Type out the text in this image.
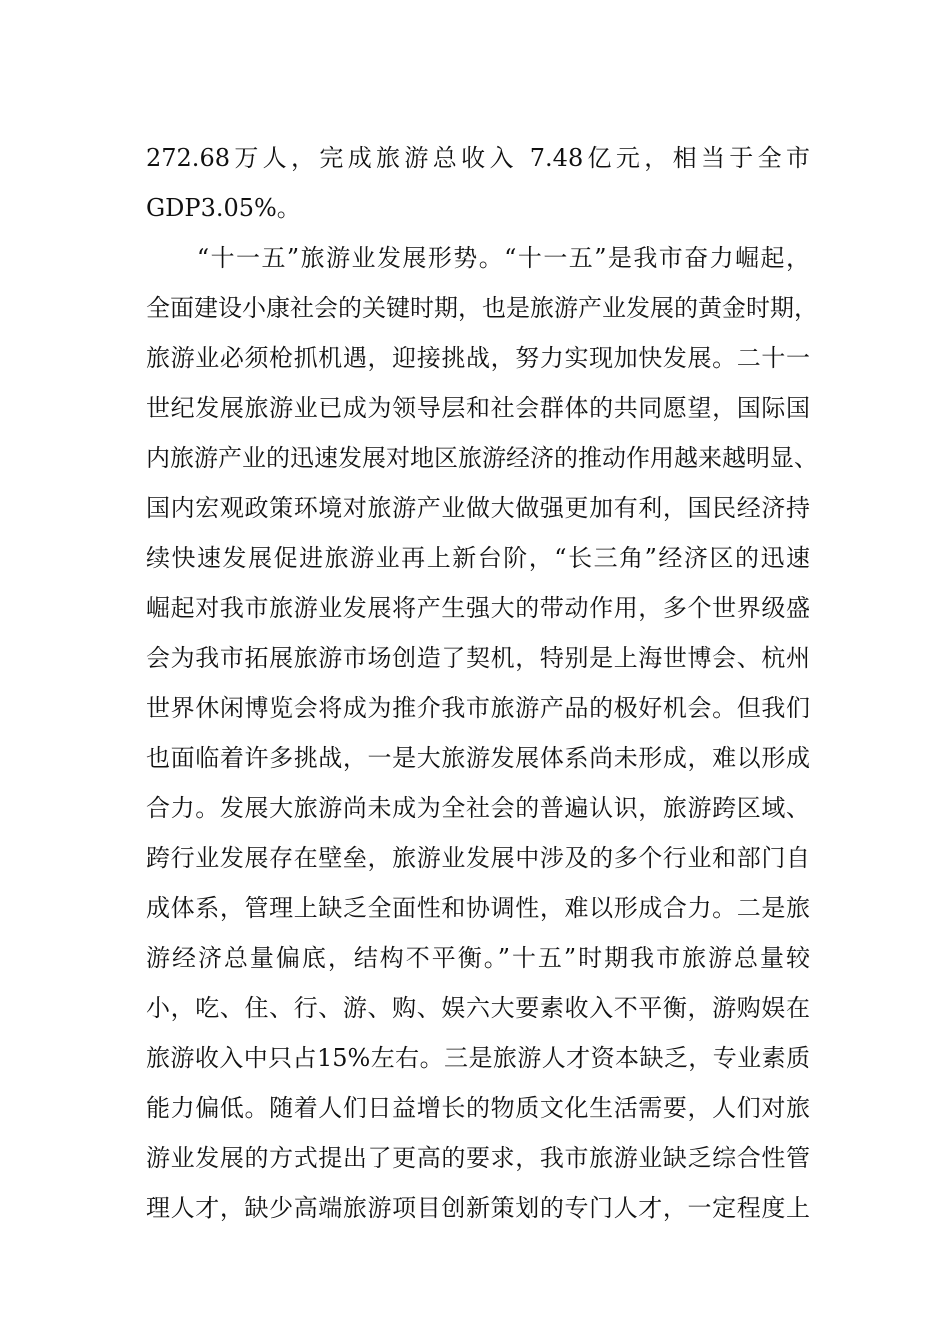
272.68万人，完成旅游总收入 7.48亿元，相当于全市
GDP3.05%。
　　“十一五”旅游业发展形势。“十一五”是我市奋力崛起，
全面建设小康社会的关键时期，也是旅游产业发展的黄金时期，
旅游业必须枪抓机遇，迎接挑战，努力实现加快发展。二十一
世纪发展旅游业已成为领导层和社会群体的共同愿望，国际国
内旅游产业的迅速发展对地区旅游经济的推动作用越来越明显、
国内宏观政策环境对旅游产业做大做强更加有利，国民经济持
续快速发展促进旅游业再上新台阶，“长三角”经济区的迅速
崛起对我市旅游业发展将产生强大的带动作用，多个世界级盛
会为我市拓展旅游市场创造了契机，特别是上海世博会、杭州
世界休闲博览会将成为推介我市旅游产品的极好机会。但我们
也面临着许多挑战，一是大旅游发展体系尚未形成，难以形成
合力。发展大旅游尚未成为全社会的普遍认识，旅游跨区域、
跨行业发展存在壁垒，旅游业发展中涉及的多个行业和部门自
成体系，管理上缺乏全面性和协调性，难以形成合力。二是旅
游经济总量偏底，结构不平衡。”十五”时期我市旅游总量较
小，吃、住、行、游、购、娱六大要素收入不平衡，游购娱在
旅游收入中只占15%左右。三是旅游人才资本缺乏，专业素质
能力偏低。随着人们日益增长的物质文化生活需要，人们对旅
游业发展的方式提出了更高的要求，我市旅游业缺乏综合性管
理人才，缺少高端旅游项目创新策划的专门人才，一定程度上
